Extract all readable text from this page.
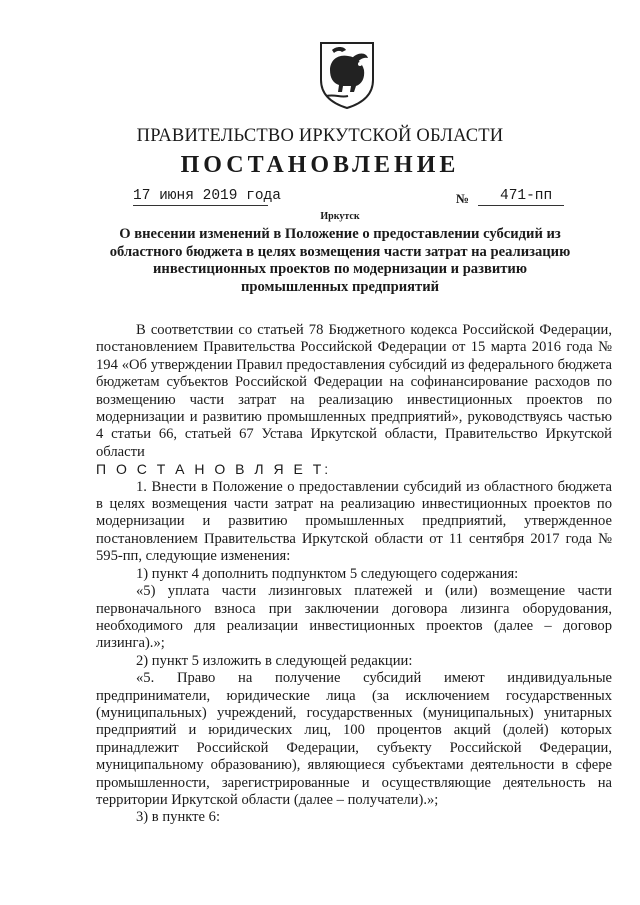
ПРАВИТЕЛЬСТВО ИРКУТСКОЙ ОБЛАСТИ
ПОСТАНОВЛЕНИЕ
17 июня 2019 года	№ 471-пп
Иркутск
О внесении изменений в Положение о предоставлении субсидий из областного бюджета в целях возмещения части затрат на реализацию инвестиционных проектов по модернизации и развитию промышленных предприятий

В соответствии со статьей 78 Бюджетного кодекса Российской Федерации, постановлением Правительства Российской Федерации от 15 марта 2016 года № 194 «Об утверждении Правил предоставления субсидий из федерального бюджета бюджетам субъектов Российской Федерации на софинансирование расходов по возмещению части затрат на реализацию инвестиционных проектов по модернизации и развитию промышленных предприятий», руководствуясь частью 4 статьи 66, статьей 67 Устава Иркутской области, Правительство Иркутской области

П О С Т А Н О В Л Я Е Т:

1. Внести в Положение о предоставлении субсидий из областного бюджета в целях возмещения части затрат на реализацию инвестиционных проектов по модернизации и развитию промышленных предприятий, утвержденное постановлением Правительства Иркутской области от 11 сентября 2017 года № 595-пп, следующие изменения:

1) пункт 4 дополнить подпунктом 5 следующего содержания:

«5) уплата части лизинговых платежей и (или) возмещение части первоначального взноса при заключении договора лизинга оборудования, необходимого для реализации инвестиционных проектов (далее – договор лизинга).»;

2) пункт 5 изложить в следующей редакции:

«5. Право на получение субсидий имеют индивидуальные предприниматели, юридические лица (за исключением государственных (муниципальных) учреждений, государственных (муниципальных) унитарных предприятий и юридических лиц, 100 процентов акций (долей) которых принадлежит Российской Федерации, субъекту Российской Федерации, муниципальному образованию), являющиеся субъектами деятельности в сфере промышленности, зарегистрированные и осуществляющие деятельность на территории Иркутской области (далее – получатели).»;

3) в пункте 6:
